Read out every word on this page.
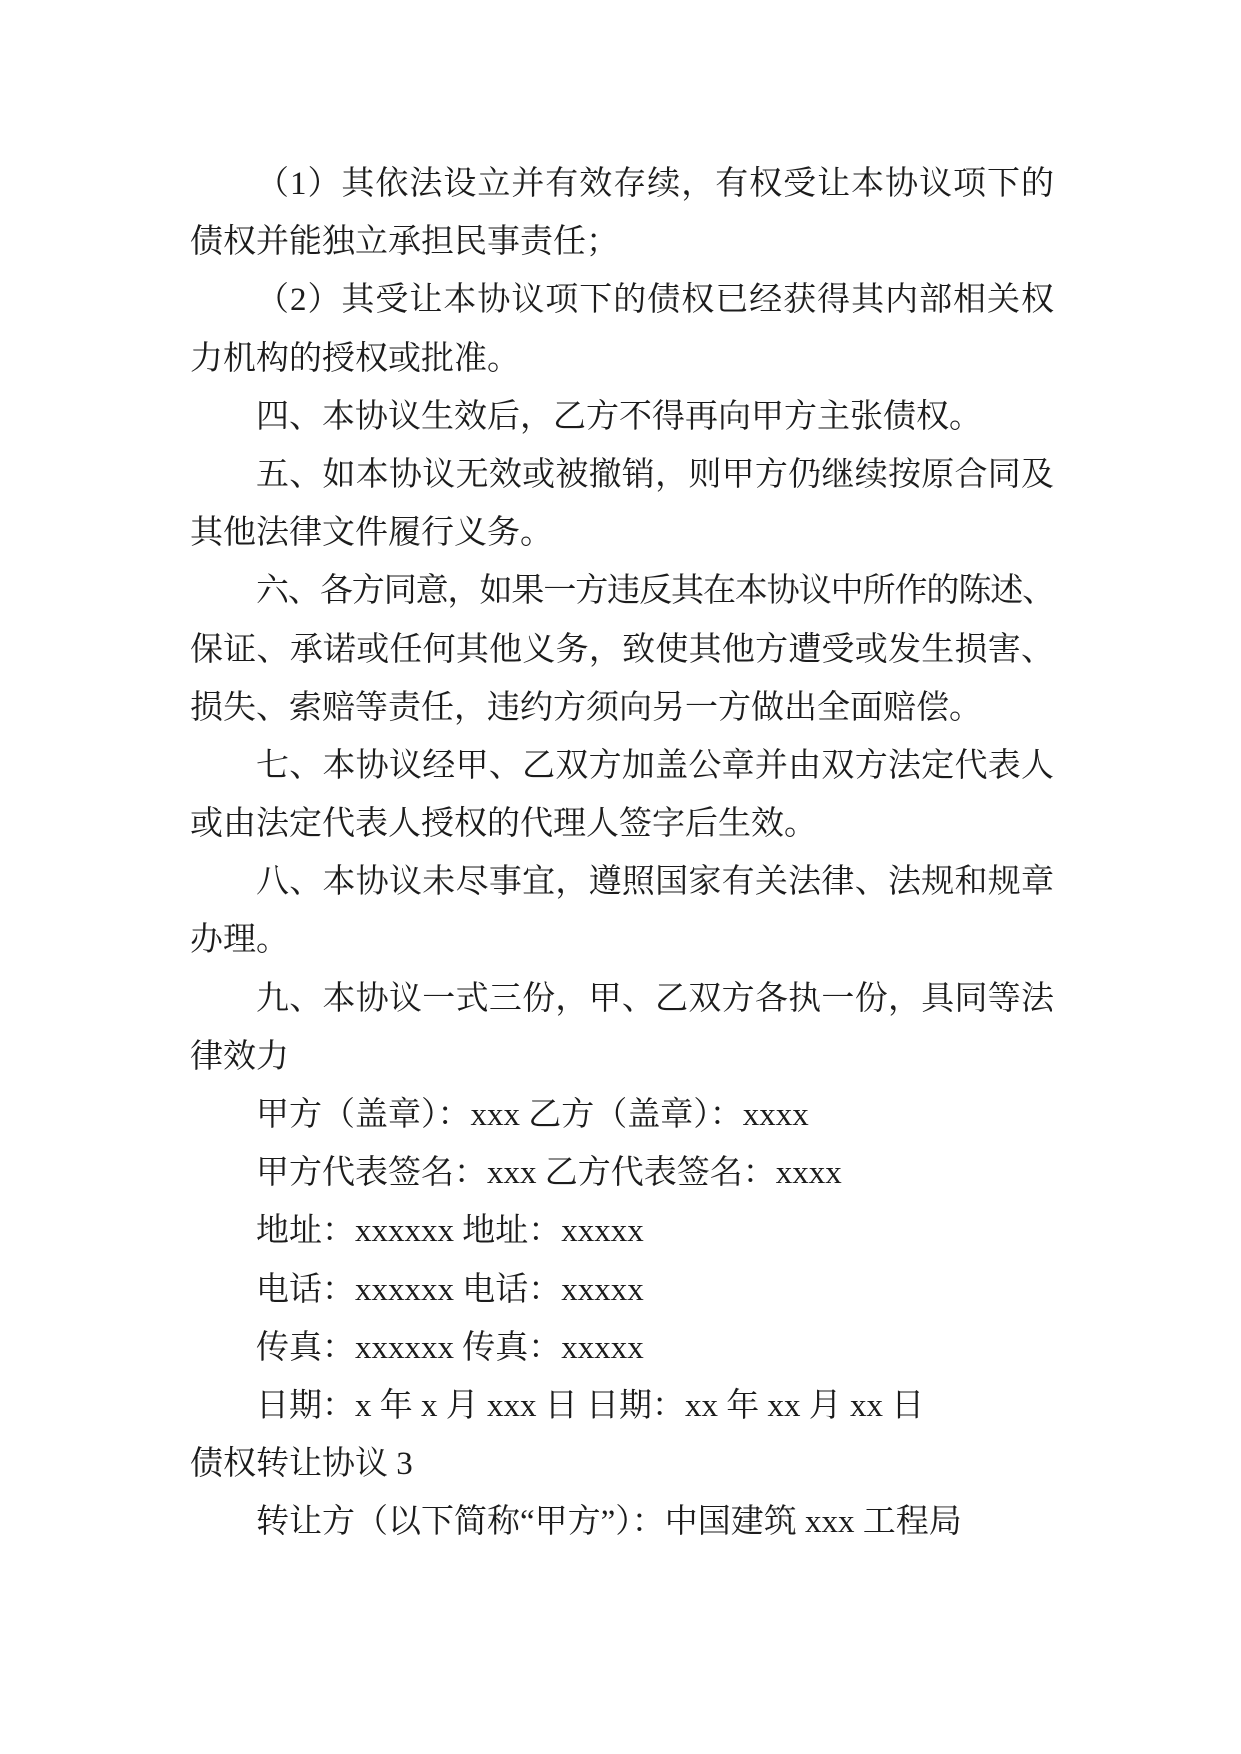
（1）其依法设立并有效存续，有权受让本协议项下的
债权并能独立承担民事责任；
（2）其受让本协议项下的债权已经获得其内部相关权
力机构的授权或批准。
四、本协议生效后，乙方不得再向甲方主张债权。
五、如本协议无效或被撤销，则甲方仍继续按原合同及
其他法律文件履行义务。
六、各方同意，如果一方违反其在本协议中所作的陈述、
保证、承诺或任何其他义务，致使其他方遭受或发生损害、
损失、索赔等责任，违约方须向另一方做出全面赔偿。
七、本协议经甲、乙双方加盖公章并由双方法定代表人
或由法定代表人授权的代理人签字后生效。
八、本协议未尽事宜，遵照国家有关法律、法规和规章
办理。
九、本协议一式三份，甲、乙双方各执一份，具同等法
律效力
甲方（盖章）：xxx 乙方（盖章）：xxxx
甲方代表签名：xxx 乙方代表签名：xxxx
地址：xxxxxx 地址：xxxxx
电话：xxxxxx 电话：xxxxx
传真：xxxxxx 传真：xxxxx
日期：x 年 x 月 xxx 日 日期：xx 年 xx 月 xx 日
债权转让协议 3
转让方（以下简称“甲方”）：中国建筑 xxx 工程局
